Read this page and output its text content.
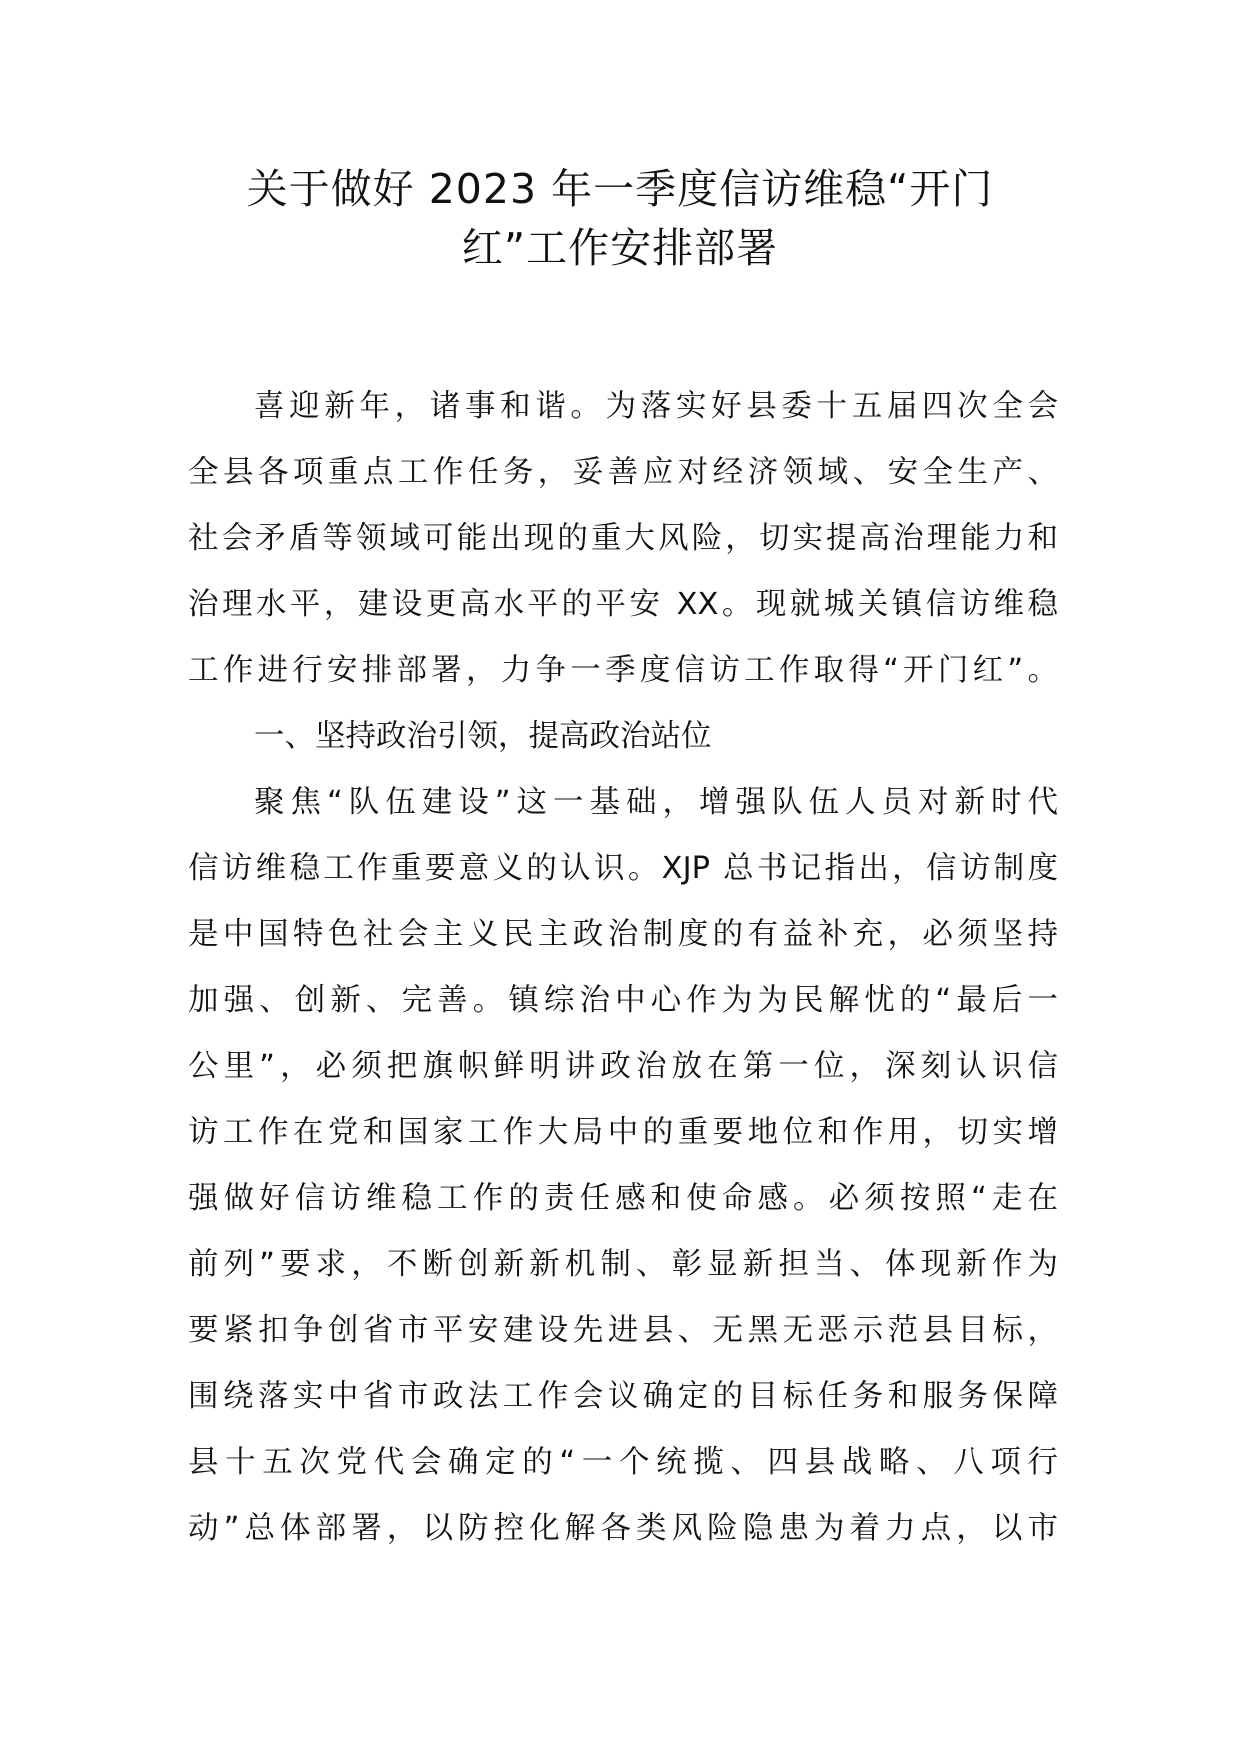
关于做好 2023 年一季度信访维稳“开门
红”工作安排部署
喜迎新年，诸事和谐。为落实好县委十五届四次全会
全县各项重点工作任务，妥善应对经济领域、安全生产、
社会矛盾等领域可能出现的重大风险，切实提高治理能力和
治理水平，建设更高水平的平安 XX。现就城关镇信访维稳
工作进行安排部署，力争一季度信访工作取得“开门红”。
一、坚持政治引领，提高政治站位
聚焦“队伍建设”这一基础，增强队伍人员对新时代
信访维稳工作重要意义的认识。XJP 总书记指出，信访制度
是中国特色社会主义民主政治制度的有益补充，必须坚持
加强、创新、完善。镇综治中心作为为民解忧的“最后一
公里”，必须把旗帜鲜明讲政治放在第一位，深刻认识信
访工作在党和国家工作大局中的重要地位和作用，切实增
强做好信访维稳工作的责任感和使命感。必须按照“走在
前列”要求，不断创新新机制、彰显新担当、体现新作为
要紧扣争创省市平安建设先进县、无黑无恶示范县目标，
围绕落实中省市政法工作会议确定的目标任务和服务保障
县十五次党代会确定的“一个统揽、四县战略、八项行
动”总体部署，以防控化解各类风险隐患为着力点，以市
